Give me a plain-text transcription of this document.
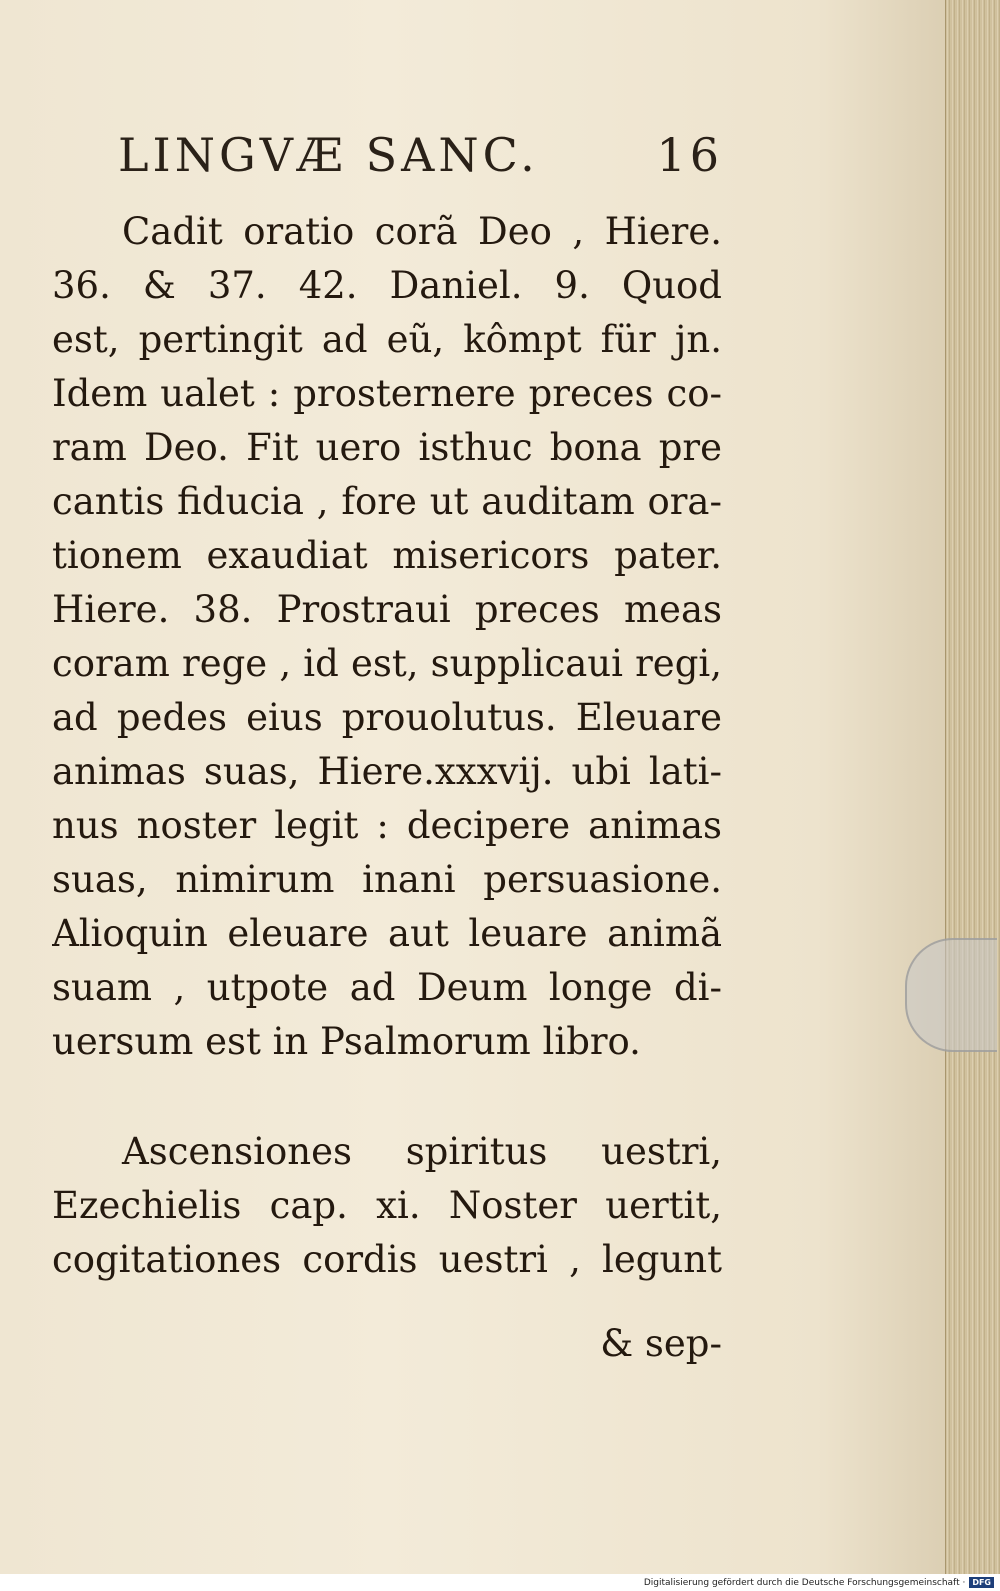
LINGVÆ SANC.	16
Cadit oratio corã Deo , Hiere.
36. & 37. 42. Daniel. 9. Quod
est, pertingit ad eũ, kômpt für jn.
Idem ualet : prosternere preces co-
ram Deo. Fit uero isthuc bona pre
cantis fiducia , fore ut auditam ora-
tionem exaudiat misericors pater.
Hiere. 38. Prostraui preces meas
coram rege , id est, supplicaui regi,
ad pedes eius prouolutus. Eleuare
animas suas, Hiere.xxxvij. ubi lati-
nus noster legit : decipere animas
suas, nimirum inani persuasione.
Alioquin eleuare aut leuare animã
suam , utpote ad Deum longe di-
uersum est in Psalmorum libro.
Ascensiones spiritus uestri,
Ezechielis cap. xi. Noster uertit,
cogitationes cordis uestri , legunt
& sep-
Digitalisierung gefördert durch die Deutsche Forschungsgemeinschaft · DFG
